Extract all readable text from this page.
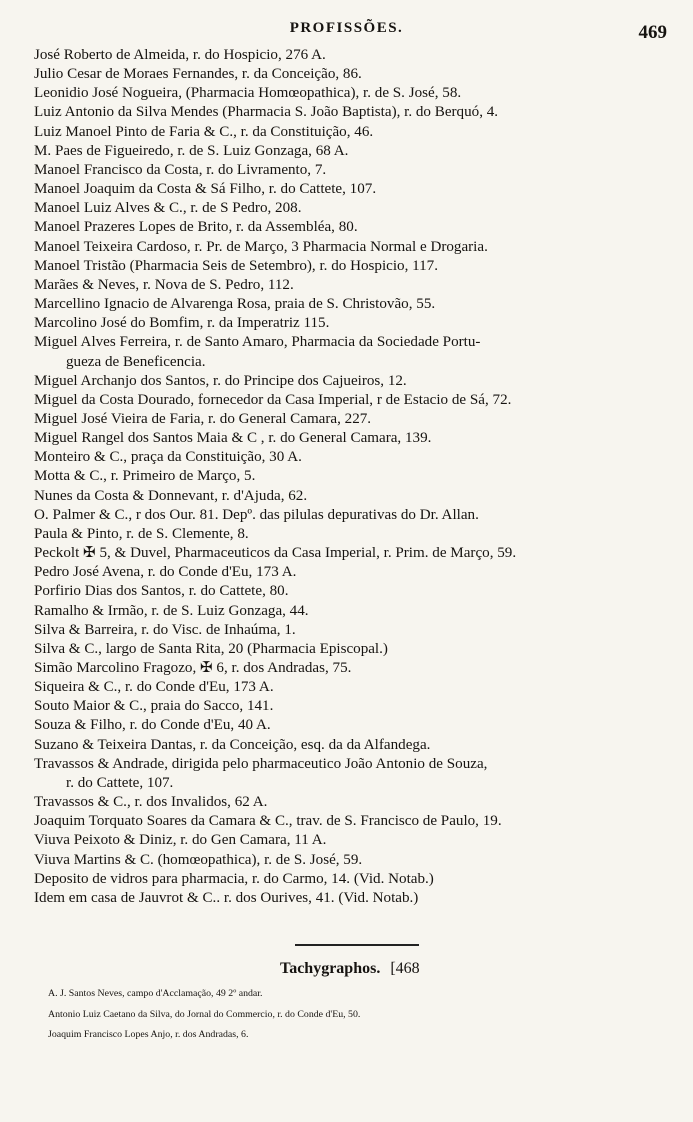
PROFISSÕES.	469
José Roberto de Almeida, r. do Hospicio, 276 A.
Julio Cesar de Moraes Fernandes, r. da Conceição, 86.
Leonidio José Nogueira, (Pharmacia Homœopathica), r. de S. José, 58.
Luiz Antonio da Silva Mendes (Pharmacia S. João Baptista), r. do Berquó, 4.
Luiz Manoel Pinto de Faria & C., r. da Constituição, 46.
M. Paes de Figueiredo, r. de S. Luiz Gonzaga, 68 A.
Manoel Francisco da Costa, r. do Livramento, 7.
Manoel Joaquim da Costa & Sá Filho, r. do Cattete, 107.
Manoel Luiz Alves & C., r. de S Pedro, 208.
Manoel Prazeres Lopes de Brito, r. da Assembléa, 80.
Manoel Teixeira Cardoso, r. Pr. de Março, 3 Pharmacia Normal e Drogaria.
Manoel Tristão (Pharmacia Seis de Setembro), r. do Hospicio, 117.
Marães & Neves, r. Nova de S. Pedro, 112.
Marcellino Ignacio de Alvarenga Rosa, praia de S. Christovão, 55.
Marcolino José do Bomfim, r. da Imperatriz 115.
Miguel Alves Ferreira, r. de Santo Amaro, Pharmacia da Sociedade Portu-
gueza de Beneficencia.
Miguel Archanjo dos Santos, r. do Principe dos Cajueiros, 12.
Miguel da Costa Dourado, fornecedor da Casa Imperial, r de Estacio de Sá, 72.
Miguel José Vieira de Faria, r. do General Camara, 227.
Miguel Rangel dos Santos Maia & C , r. do General Camara, 139.
Monteiro & C., praça da Constituição, 30 A.
Motta & C., r. Primeiro de Março, 5.
Nunes da Costa & Donnevant, r. d'Ajuda, 62.
O. Palmer & C., r dos Our. 81. Depº. das pilulas depurativas do Dr. Allan.
Paula & Pinto, r. de S. Clemente, 8.
Peckolt ✠ 5, & Duvel, Pharmaceuticos da Casa Imperial, r. Prim. de Março, 59.
Pedro José Avena, r. do Conde d'Eu, 173 A.
Porfirio Dias dos Santos, r. do Cattete, 80.
Ramalho & Irmão, r. de S. Luiz Gonzaga, 44.
Silva & Barreira, r. do Visc. de Inhaúma, 1.
Silva & C., largo de Santa Rita, 20 (Pharmacia Episcopal.)
Simão Marcolino Fragozo, ✠ 6, r. dos Andradas, 75.
Siqueira & C., r. do Conde d'Eu, 173 A.
Souto Maior & C., praia do Sacco, 141.
Souza & Filho, r. do Conde d'Eu, 40 A.
Suzano & Teixeira Dantas, r. da Conceição, esq. da da Alfandega.
Travassos & Andrade, dirigida pelo pharmaceutico João Antonio de Souza,
r. do Cattete, 107.
Travassos & C., r. dos Invalidos, 62 A.
Joaquim Torquato Soares da Camara & C., trav. de S. Francisco de Paulo, 19.
Viuva Peixoto & Diniz, r. do Gen Camara, 11 A.
Viuva Martins & C. (homœopathica), r. de S. José, 59.
Deposito de vidros para pharmacia, r. do Carmo, 14. (Vid. Notab.)
Idem em casa de Jauvrot & C.. r. dos Ourives, 41. (Vid. Notab.)
Tachygraphos. [468
A. J. Santos Neves, campo d'Acclamação, 49 2º andar.
Antonio Luiz Caetano da Silva, do Jornal do Commercio, r. do Conde d'Eu, 50.
Joaquim Francisco Lopes Anjo, r. dos Andradas, 6.
